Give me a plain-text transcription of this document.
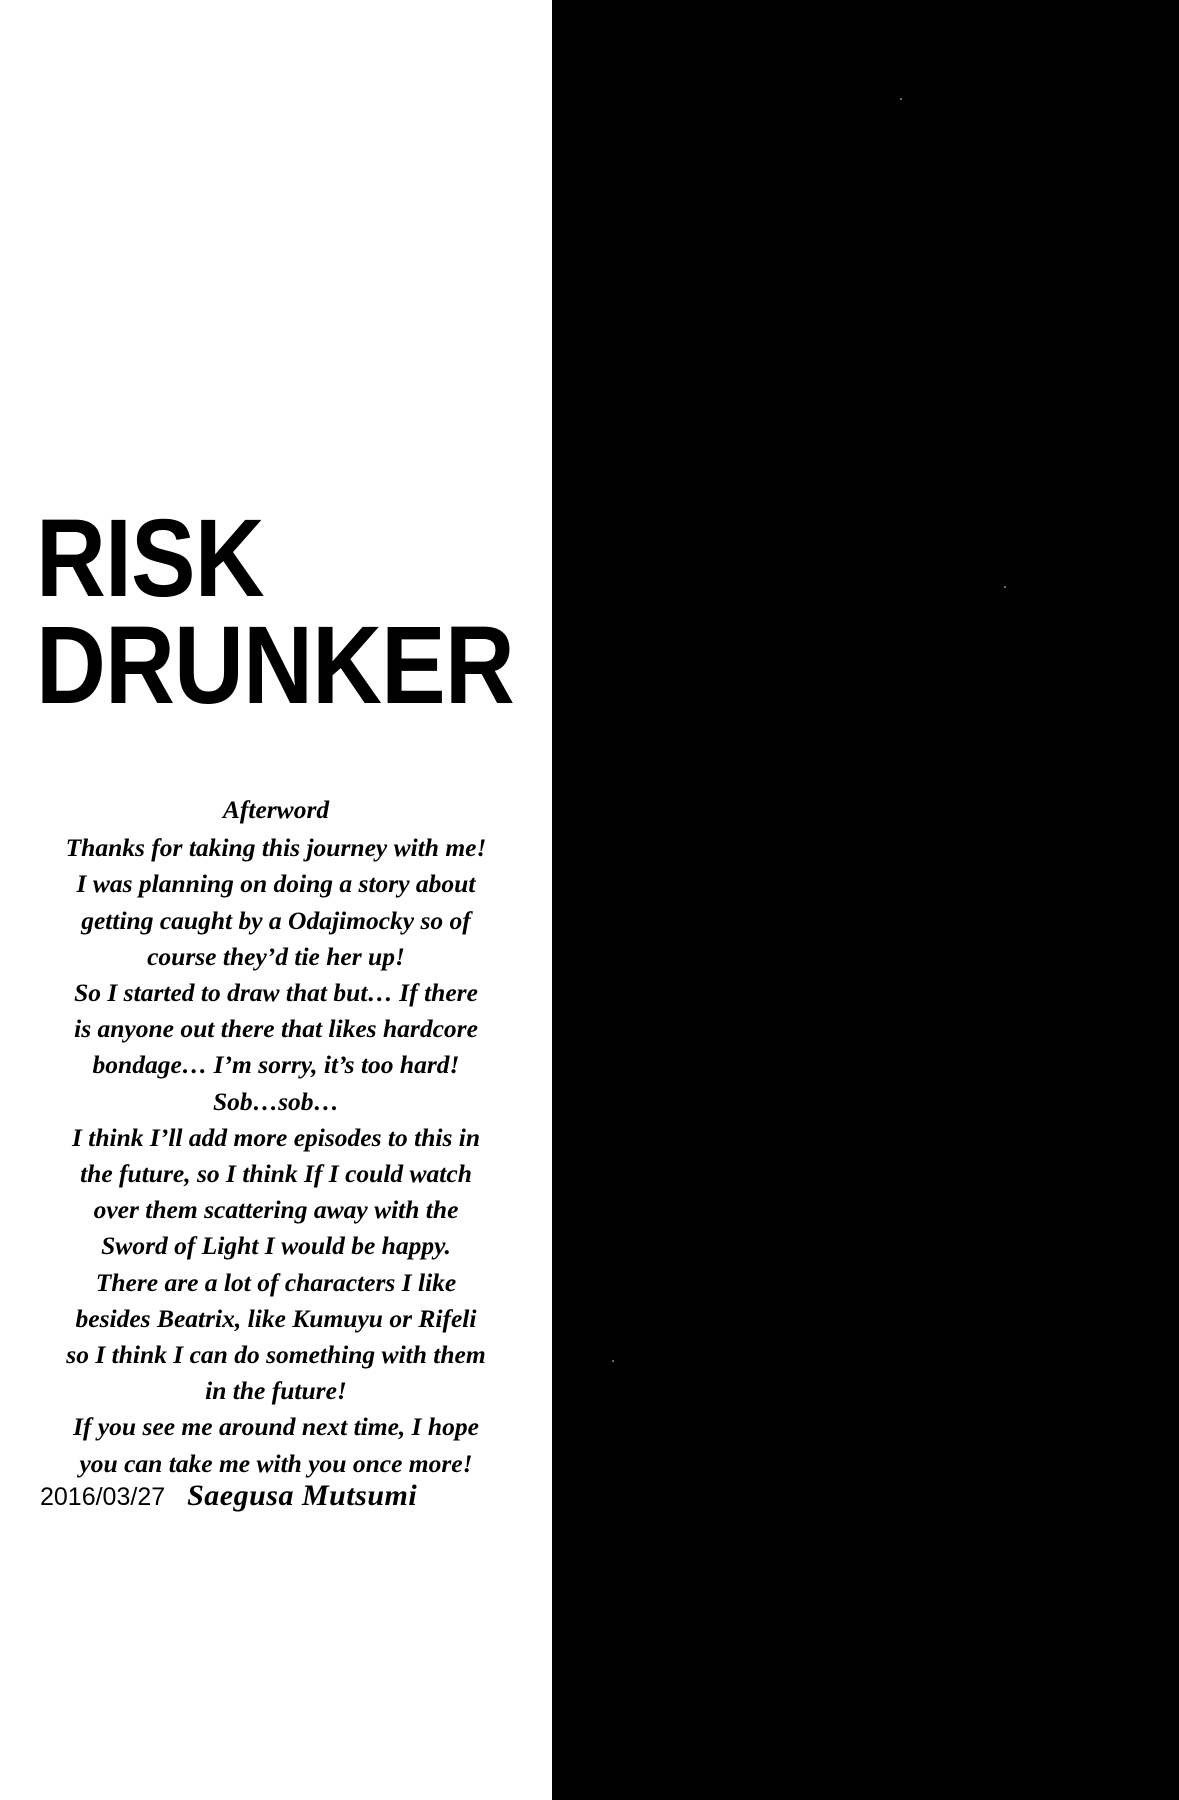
RISK
DRUNKER
Afterword
Thanks for taking this journey with me!
I was planning on doing a story about
getting caught by a Odajimocky so of
course they’d tie her up!
So I started to draw that but… If there
is anyone out there that likes hardcore
bondage… I’m sorry, it’s too hard!
Sob…sob…
I think I’ll add more episodes to this in
the future, so I think If I could watch
over them scattering away with the
Sword of Light I would be happy.
There are a lot of characters I like
besides Beatrix, like Kumuyu or Rifeli
so I think I can do something with them
in the future!
If you see me around next time, I hope
you can take me with you once more!
2016/03/27 Saegusa Mutsumi
